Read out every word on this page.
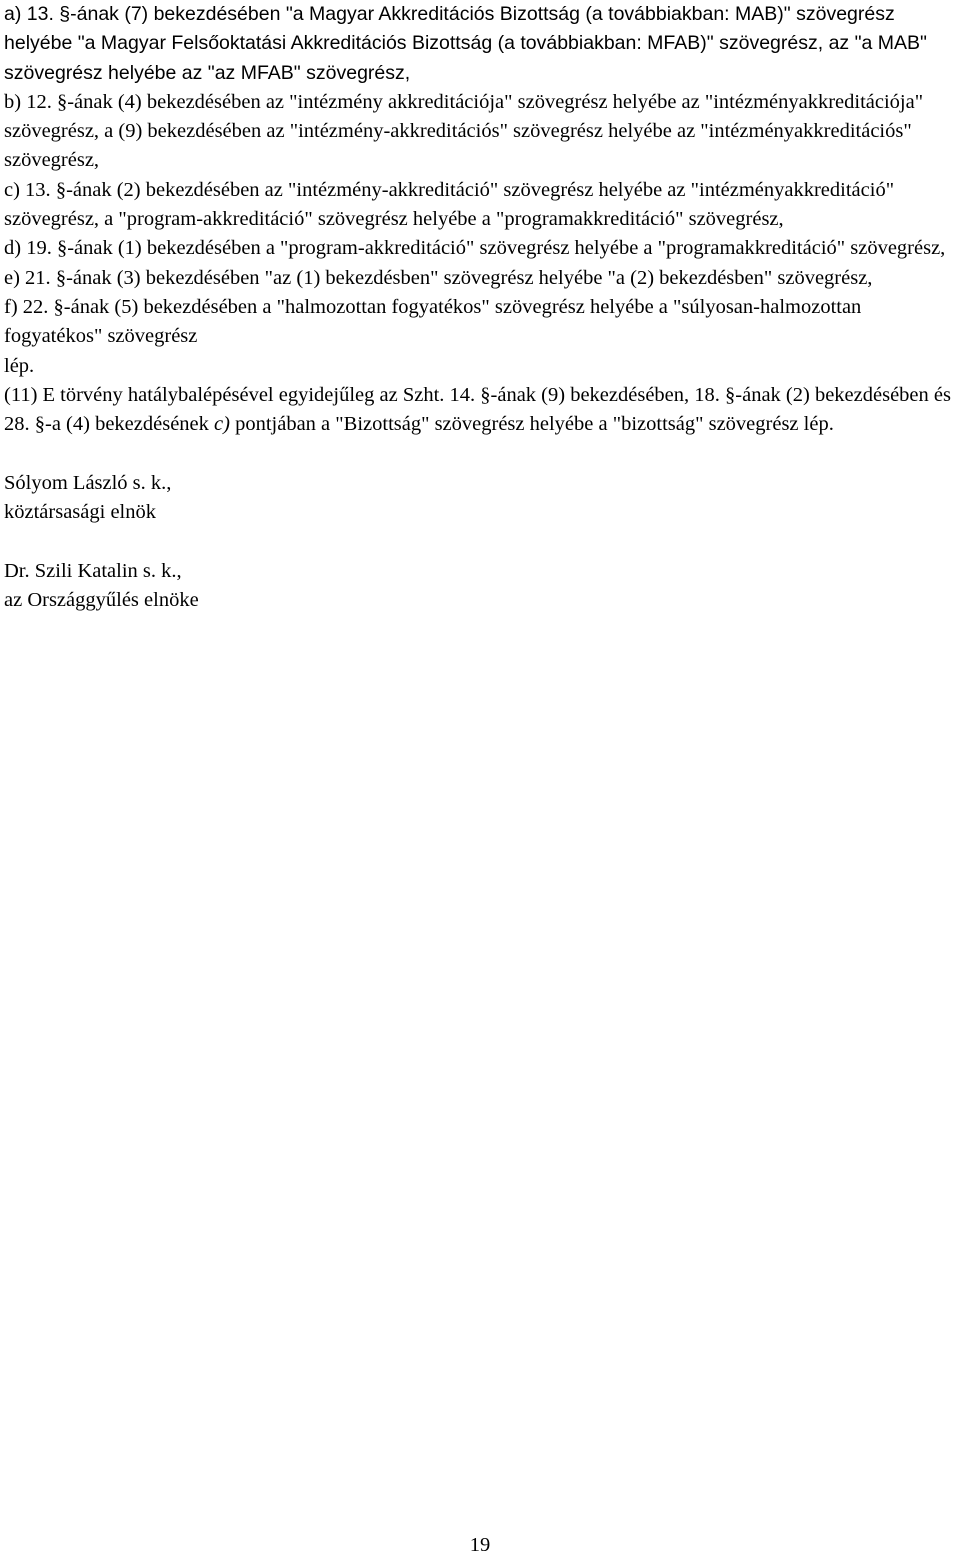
a) 13. §-ának (7) bekezdésében "a Magyar Akkreditációs Bizottság (a továbbiakban: MAB)" szövegrész helyébe "a Magyar Felsőoktatási Akkreditációs Bizottság (a továbbiakban: MFAB)" szövegrész, az "a MAB" szövegrész helyébe az "az MFAB" szövegrész,

b) 12. §-ának (4) bekezdésében az "intézmény akkreditációja" szövegrész helyébe az "intézményakkreditációja" szövegrész, a (9) bekezdésében az "intézmény-akkreditációs" szövegrész helyébe az "intézményakkreditációs" szövegrész,

c) 13. §-ának (2) bekezdésében az "intézmény-akkreditáció" szövegrész helyébe az "intézményakkreditáció" szövegrész, a "program-akkreditáció" szövegrész helyébe a "programakkreditáció" szövegrész,

d) 19. §-ának (1) bekezdésében a "program-akkreditáció" szövegrész helyébe a "programakkreditáció" szövegrész,

e) 21. §-ának (3) bekezdésében "az (1) bekezdésben" szövegrész helyébe "a (2) bekezdésben" szövegrész,

f) 22. §-ának (5) bekezdésében a "halmozottan fogyatékos" szövegrész helyébe a "súlyosan-halmozottan fogyatékos" szövegrész

lép.

(11) E törvény hatálybalépésével egyidejűleg az Szht. 14. §-ának (9) bekezdésében, 18. §-ának (2) bekezdésében és 28. §-a (4) bekezdésének c) pontjában a "Bizottság" szövegrész helyébe a "bizottság" szövegrész lép.

Sólyom László s. k.,

köztársasági elnök

Dr. Szili Katalin s. k.,

az Országgyűlés elnöke

19
